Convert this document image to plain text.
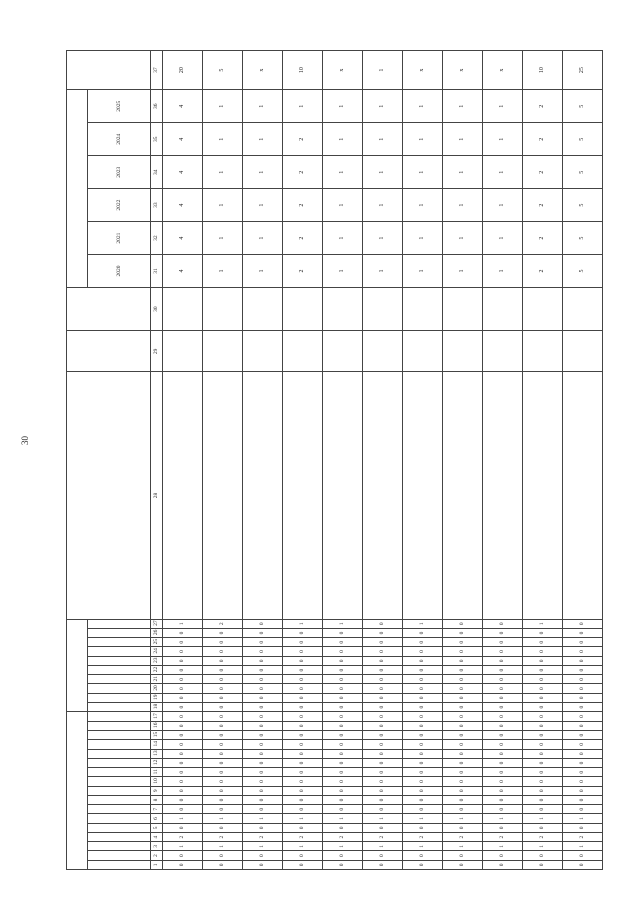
30

																														2020	2021	2022	2023	2024	2025	
1	2	3	4	5	6	7	8	9	10	11	12	13	14	15	16	17	18	19	20	21	22	23	24	25	26	27	28	29	30	31	32	33	34	35	36	37
0	0	1	2	0	1	0	0	0	0	0	0	0	0	0	0	0	0	0	0	0	0	0	0	0	0	1				4	4	4	4	4	4	20
0	0	1	2	0	1	0	0	0	0	0	0	0	0	0	0	0	0	0	0	0	0	0	0	0	0	2				1	1	1	1	1	1	5
0	0	1	2	0	1	0	0	0	0	0	0	0	0	0	0	0	0	0	0	0	0	0	0	0	0	0				1	1	1	1	1	1	x
0	0	1	2	0	1	0	0	0	0	0	0	0	0	0	0	0	0	0	0	0	0	0	0	0	0	1				2	2	2	2	2	1	10
0	0	1	2	0	1	0	0	0	0	0	0	0	0	0	0	0	0	0	0	0	0	0	0	0	0	1				1	1	1	1	1	1	x
0	0	1	2	0	1	0	0	0	0	0	0	0	0	0	0	0	0	0	0	0	0	0	0	0	0	0				1	1	1	1	1	1	1
0	0	1	2	0	1	0	0	0	0	0	0	0	0	0	0	0	0	0	0	0	0	0	0	0	0	1				1	1	1	1	1	1	x
0	0	1	2	0	1	0	0	0	0	0	0	0	0	0	0	0	0	0	0	0	0	0	0	0	0	0				1	1	1	1	1	1	x
0	0	1	2	0	1	0	0	0	0	0	0	0	0	0	0	0	0	0	0	0	0	0	0	0	0	0				1	1	1	1	1	1	x
0	0	1	2	0	1	0	0	0	0	0	0	0	0	0	0	0	0	0	0	0	0	0	0	0	0	1				2	2	2	2	2	2	10
0	0	1	2	0	1	0	0	0	0	0	0	0	0	0	0	0	0	0	0	0	0	0	0	0	0	0				5	5	5	5	5	5	25
